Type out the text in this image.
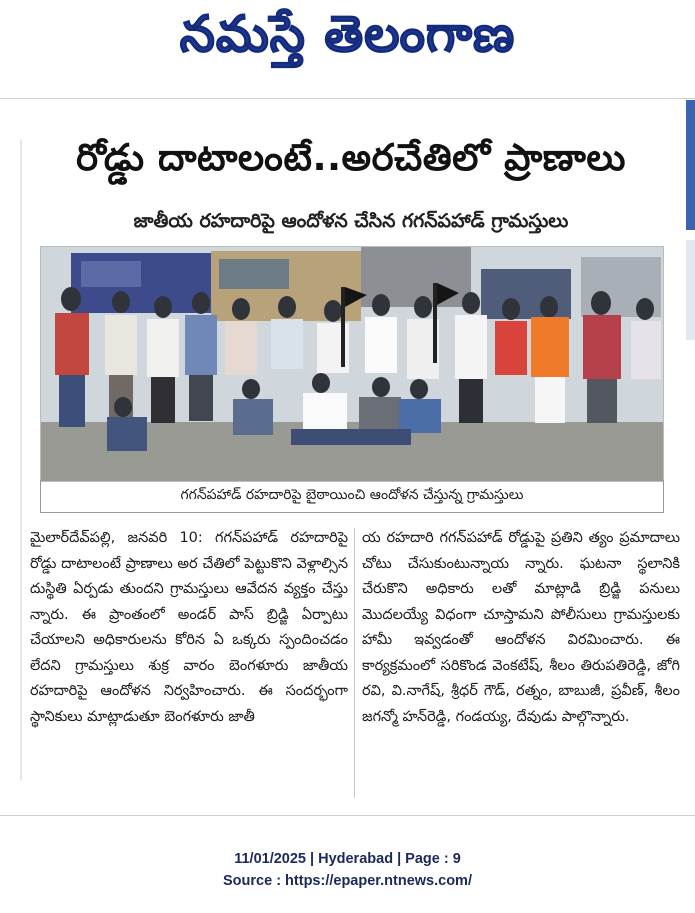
నమస్తే తెలంగాణ
రోడ్డు దాటాలంటే..అరచేతిలో ప్రాణాలు
జాతీయ రహదారిపై ఆందోళన చేసిన గగన్‌పహాడ్ గ్రామస్తులు
గగన్‌పహాడ్ రహదారిపై బైఠాయించి ఆందోళన చేస్తున్న గ్రామస్తులు
మైలార్‌దేవ్‌పల్లి, జనవరి 10: గగన్‌పహాడ్ రహదారిపై రోడ్డు దాటాలంటే ప్రాణాలు అర చేతిలో పెట్టుకొని వెళ్లాల్సిన దుస్థితి ఏర్పడు తుందని గ్రామస్తులు ఆవేదన వ్యక్తం చేస్తు న్నారు. ఈ ప్రాంతంలో అండర్ పాస్ బ్రిడ్జి ఏర్పాటు చేయాలని అధికారులను కోరిన ఏ ఒక్కరు స్పందించడం లేదని గ్రామస్తులు శుక్ర వారం బెంగళూరు జాతీయ రహదారిపై ఆందోళన నిర్వహించారు. ఈ సందర్భంగా స్థానికులు మాట్లాడుతూ బెంగళూరు జాతీ
య రహదారి గగన్‌పహాడ్ రోడ్డుపై ప్రతిని త్యం ప్రమాదాలు చోటు చేసుకుంటున్నాయ న్నారు. ఘటనా స్థలానికి చేరుకొని అధికారు లతో మాట్లాడి బ్రిడ్జి పనులు మొదలయ్యే విధంగా చూస్తామని పోలీసులు గ్రామస్తులకు హామీ ఇవ్వడంతో ఆందోళన విరమించారు. ఈ కార్యక్రమంలో సరికొండ వెంకటేష్, శీలం తిరుపతిరెడ్డి, జోగి రవి, వి.నాగేష్, శ్రీధర్ గౌడ్, రత్నం, బాబుజీ, ప్రవీణ్, శీలం జగన్మో హన్‌రెడ్డి, గండయ్య, దేవుడు పాల్గొన్నారు.
11/01/2025 | Hyderabad | Page : 9
Source : https://epaper.ntnews.com/
